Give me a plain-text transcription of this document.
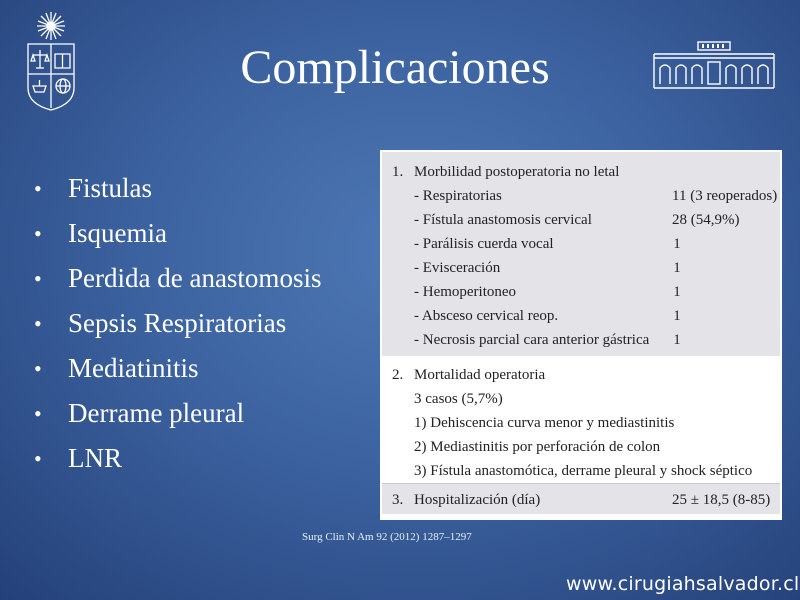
Complicaciones
• Fistulas
• Isquemia
• Perdida de anastomosis
• Sepsis Respiratorias
• Mediatinitis
• Derrame pleural
• LNR
1. Morbilidad postoperatoria no letal
- Respiratorias	11 (3 reoperados)
- Fístula anastomosis cervical	28 (54,9%)
- Parálisis cuerda vocal	1
- Evisceración	1
- Hemoperitoneo	1
- Absceso cervical reop.	1
- Necrosis parcial cara anterior gástrica 1
2. Mortalidad operatoria
3 casos (5,7%)
1) Dehiscencia curva menor y mediastinitis
2) Mediastinitis por perforación de colon
3) Fístula anastomótica, derrame pleural y shock séptico
3. Hospitalización (día)	25 ± 18,5 (8-85)
Surg Clin N Am 92 (2012) 1287–1297
www.cirugiahsalvador.cl
